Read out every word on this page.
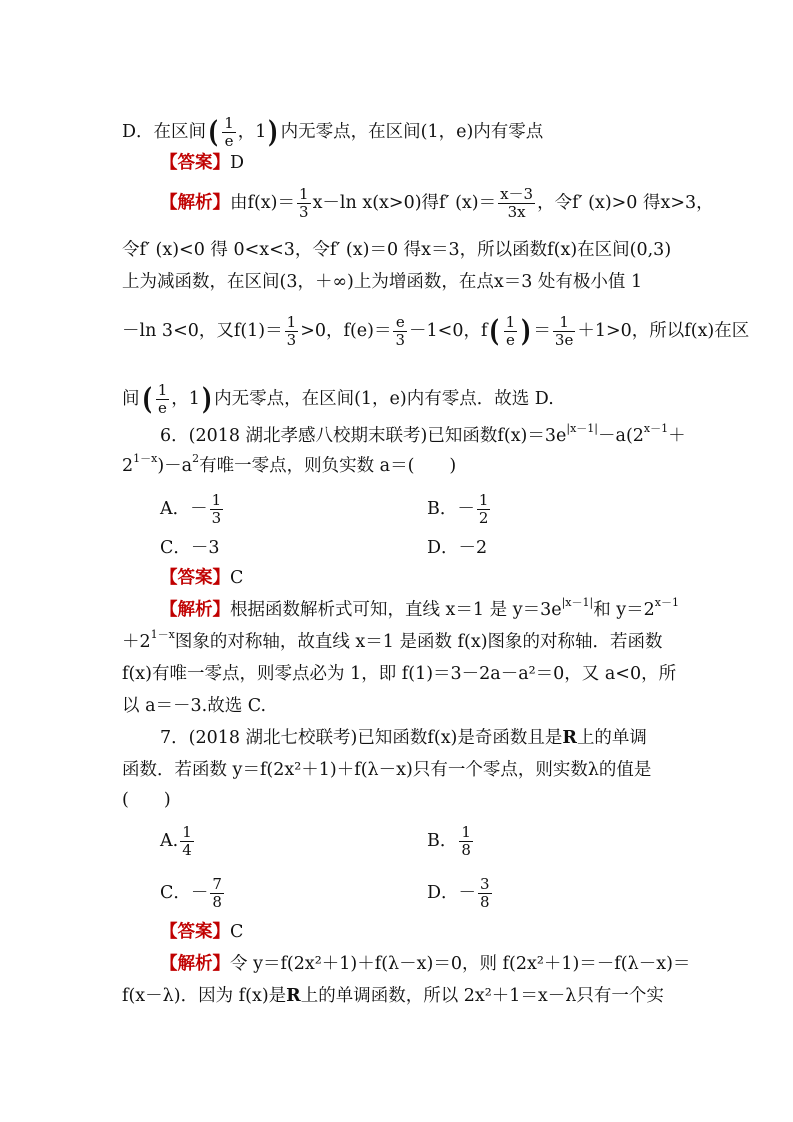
D．在区间( $\frac{1}{e}$ ，1) 内无零点，在区间(1，e)内有零点
【答案】D
【解析】由$f(x)= \frac{1}{3} x-\ln$ x(x>0)得f′ $(x)= \frac{x-3}{3x}$ ，令f′ (x)>0 得x>3，
令f′ (x)<0 得 0<x<3，令f′ (x)＝0 得x＝3，所以函数f(x)在区间(0,3)
上为减函数，在区间(3，＋∞)上为增函数，在点x＝3 处有极小值 1
－ln 3<0，又$f(1)= \frac{1}{3} >0$，$f(e)= \frac{e}{3} -1<0$，$f( \frac{1}{e}$ ) ＝ $\frac{1}{3e} +1>0$，所以f(x)在区
间( $\frac{1}{e}$ ，1) 内无零点，在区间(1，e)内有零点．故选 D.
6．(2018 湖北孝感八校期末联考)已知函数$f(x)=3e^{|x-1|}-a(2^{x-1}+$
$2^{1-x})-a^2$有唯一零点，则负实数 a＝(　　)
A．－ $\frac{1}{3}$	B．－ $\frac{1}{2}$
C．－3	D．－2
【答案】C
【解析】根据函数解析式可知，直线 x＝1 是 $y=3e^{|x-1|}$和 $y=2^{x-1}$
$+2^{1-x}$图象的对称轴，故直线 x＝1 是函数 f(x)图象的对称轴．若函数
f(x)有唯一零点，则零点必为 1，即 f(1)＝3－2a－a²＝0，又 a<0，所
以 a＝－3.故选 C.
7．(2018 湖北七校联考)已知函数f(x)是奇函数且是R上的单调
函数．若函数 y＝f(2x²＋1)＋f(λ－x)只有一个零点，则实数λ的值是
(　　)
A. $\frac{1}{4}$	B． $\frac{1}{8}$
C．－ $\frac{7}{8}$	D．－ $\frac{3}{8}$
【答案】C
【解析】令 y＝f(2x²＋1)＋f(λ－x)＝0，则 f(2x²＋1)＝－f(λ－x)＝
f(x－λ)．因为 f(x)是R上的单调函数，所以 2x²＋1＝x－λ只有一个实
